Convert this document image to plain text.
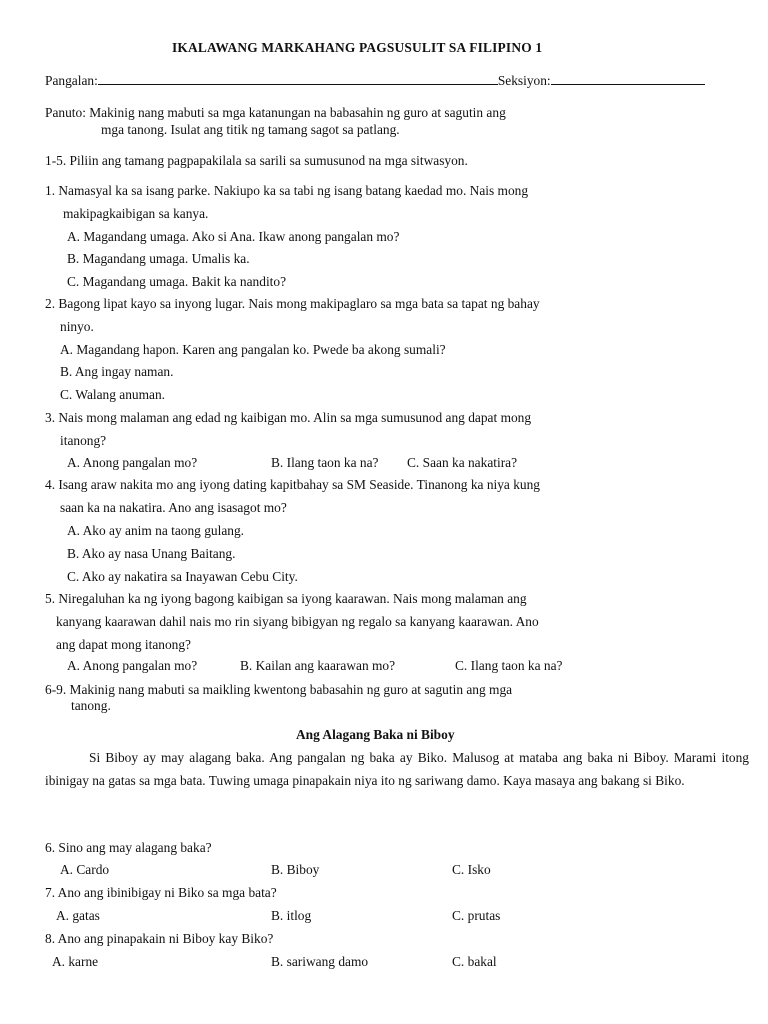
IKALAWANG MARKAHANG PAGSUSULIT SA FILIPINO 1
Pangalan:	Seksiyon:
Panuto: Makinig nang mabuti sa mga katanungan na babasahin ng guro at sagutin ang
mga tanong. Isulat ang titik ng tamang sagot sa patlang.
1-5. Piliin ang tamang pagpapakilala sa sarili sa sumusunod na mga sitwasyon.
1. Namasyal ka sa isang parke. Nakiupo ka sa tabi ng isang batang kaedad mo. Nais mong
makipagkaibigan sa kanya.
A. Magandang umaga. Ako si Ana. Ikaw anong pangalan mo?
B. Magandang umaga. Umalis ka.
C. Magandang umaga. Bakit ka nandito?
2. Bagong lipat kayo sa inyong lugar. Nais mong makipaglaro sa mga bata sa tapat ng bahay
ninyo.
A. Magandang hapon. Karen ang pangalan ko. Pwede ba akong sumali?
B. Ang ingay naman.
C. Walang anuman.
3. Nais mong malaman ang edad ng kaibigan mo. Alin sa mga sumusunod ang dapat mong
itanong?
A. Anong pangalan mo?	B. Ilang taon ka na? C. Saan ka nakatira?
4. Isang araw nakita mo ang iyong dating kapitbahay sa SM Seaside. Tinanong ka niya kung
saan ka na nakatira. Ano ang isasagot mo?
A. Ako ay anim na taong gulang.
B. Ako ay nasa Unang Baitang.
C. Ako ay nakatira sa Inayawan Cebu City.
5. Niregaluhan ka ng iyong bagong kaibigan sa iyong kaarawan. Nais mong malaman ang
kanyang kaarawan dahil nais mo rin siyang bibigyan ng regalo sa kanyang kaarawan. Ano
ang dapat mong itanong?
A. Anong pangalan mo?	B. Kailan ang kaarawan mo?	C. Ilang taon ka na?
6-9. Makinig nang mabuti sa maikling kwentong babasahin ng guro at sagutin ang mga
tanong.
Ang Alagang Baka ni Biboy

Si Biboy ay may alagang baka. Ang pangalan ng baka ay Biko. Malusog at mataba ang baka ni Biboy. Marami itong ibinigay na gatas sa mga bata. Tuwing umaga pinapakain niya ito ng sariwang damo. Kaya masaya ang bakang si Biko.

6. Sino ang may alagang baka?
A. Cardo	B. Biboy	C. Isko
7. Ano ang ibinibigay ni Biko sa mga bata?
A. gatas	B. itlog	C. prutas
8. Ano ang pinapakain ni Biboy kay Biko?
A. karne	B. sariwang damo	C. bakal
